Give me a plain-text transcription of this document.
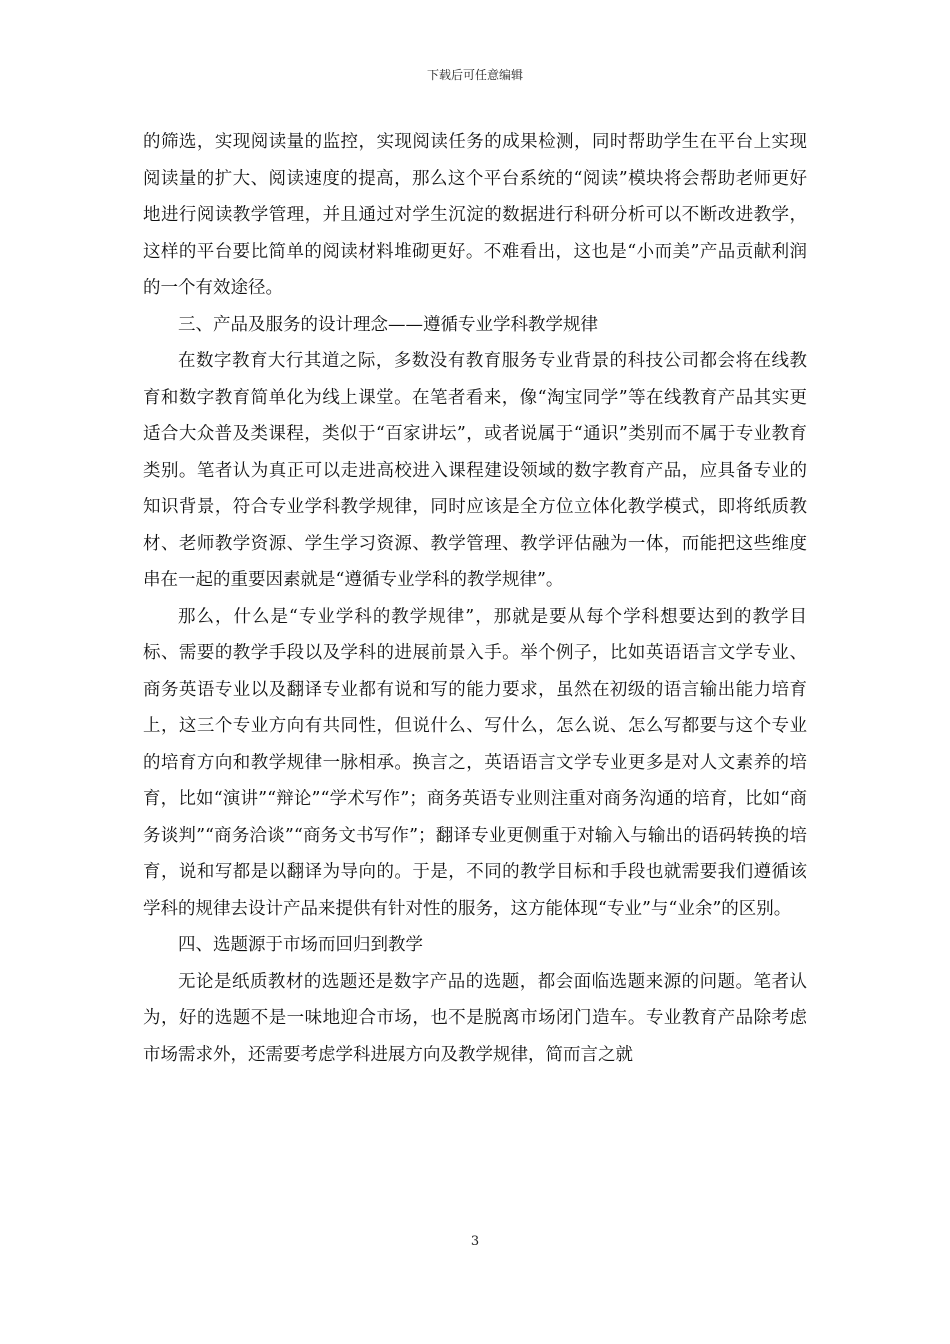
下载后可任意编辑

的筛选，实现阅读量的监控，实现阅读任务的成果检测，同时帮助学生在平台上实现阅读量的扩大、阅读速度的提高，那么这个平台系统的“阅读”模块将会帮助老师更好地进行阅读教学管理，并且通过对学生沉淀的数据进行科研分析可以不断改进教学，这样的平台要比简单的阅读材料堆砌更好。不难看出，这也是“小而美”产品贡献利润的一个有效途径。

三、产品及服务的设计理念——遵循专业学科教学规律

在数字教育大行其道之际，多数没有教育服务专业背景的科技公司都会将在线教育和数字教育简单化为线上课堂。在笔者看来，像“淘宝同学”等在线教育产品其实更适合大众普及类课程，类似于“百家讲坛”，或者说属于“通识”类别而不属于专业教育类别。笔者认为真正可以走进高校进入课程建设领域的数字教育产品，应具备专业的知识背景，符合专业学科教学规律，同时应该是全方位立体化教学模式，即将纸质教材、老师教学资源、学生学习资源、教学管理、教学评估融为一体，而能把这些维度串在一起的重要因素就是“遵循专业学科的教学规律”。

那么，什么是“专业学科的教学规律”，那就是要从每个学科想要达到的教学目标、需要的教学手段以及学科的进展前景入手。举个例子，比如英语语言文学专业、商务英语专业以及翻译专业都有说和写的能力要求，虽然在初级的语言输出能力培育上，这三个专业方向有共同性，但说什么、写什么，怎么说、怎么写都要与这个专业的培育方向和教学规律一脉相承。换言之，英语语言文学专业更多是对人文素养的培育，比如“演讲”“辩论”“学术写作”；商务英语专业则注重对商务沟通的培育，比如“商务谈判”“商务洽谈”“商务文书写作”；翻译专业更侧重于对输入与输出的语码转换的培育，说和写都是以翻译为导向的。于是，不同的教学目标和手段也就需要我们遵循该学科的规律去设计产品来提供有针对性的服务，这方能体现“专业”与“业余”的区别。

四、选题源于市场而回归到教学

无论是纸质教材的选题还是数字产品的选题，都会面临选题来源的问题。笔者认为，好的选题不是一味地迎合市场，也不是脱离市场闭门造车。专业教育产品除考虑市场需求外，还需要考虑学科进展方向及教学规律，简而言之就

3
